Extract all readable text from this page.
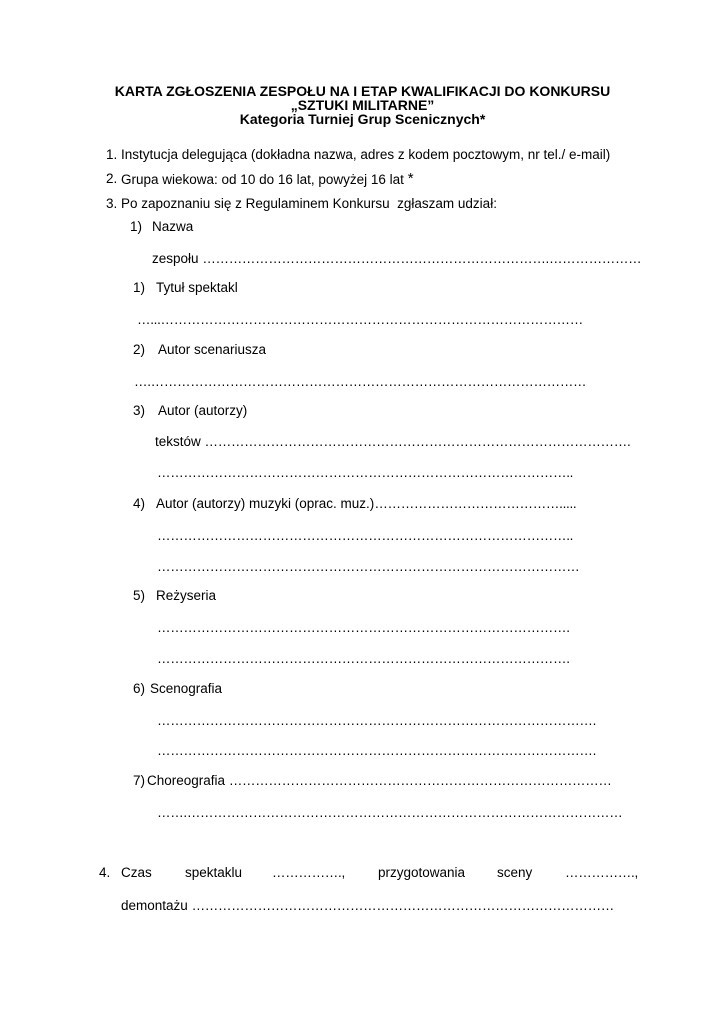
KARTA ZGŁOSZENIA ZESPOŁU NA I ETAP KWALIFIKACJI DO KONKURSU
„SZTUKI MILITARNE”
Kategoria Turniej Grup Scenicznych*
1. Instytucja delegująca (dokładna nazwa, adres z kodem pocztowym, nr tel./ e-mail)
2. Grupa wiekowa: od 10 do 16 lat, powyżej 16 lat *
3. Po zapoznaniu się z Regulaminem Konkursu  zgłaszam udział:
1) Nazwa
zespołu …………………………………………………………………….…………………
1) Tytuł spektakl
…...……………………………………………………………………………………
2) Autor scenariusza
….………………………………………………………………………………………
3) Autor (autorzy)
tekstów …………………………………………………………………………………….
…………………………………………………………………………………..
4) Autor (autorzy) muzyki (oprac. muz.)…………………………………….....
…………………………………………………………………………………..
……………………………………………………………………………………
5) Reżyseria
………………………………………………………………………………….
………………………………………………………………………………….
6) Scenografia
……………………………………………………………………………………….
……………………………………………………………………………………….
7) Choreografia ……………………………………………………………………………
…….………………………………………………………………………………………
4. Czas spektaklu ……………., przygotowania sceny …………….,
demontażu ……………………………………………………………………………………
